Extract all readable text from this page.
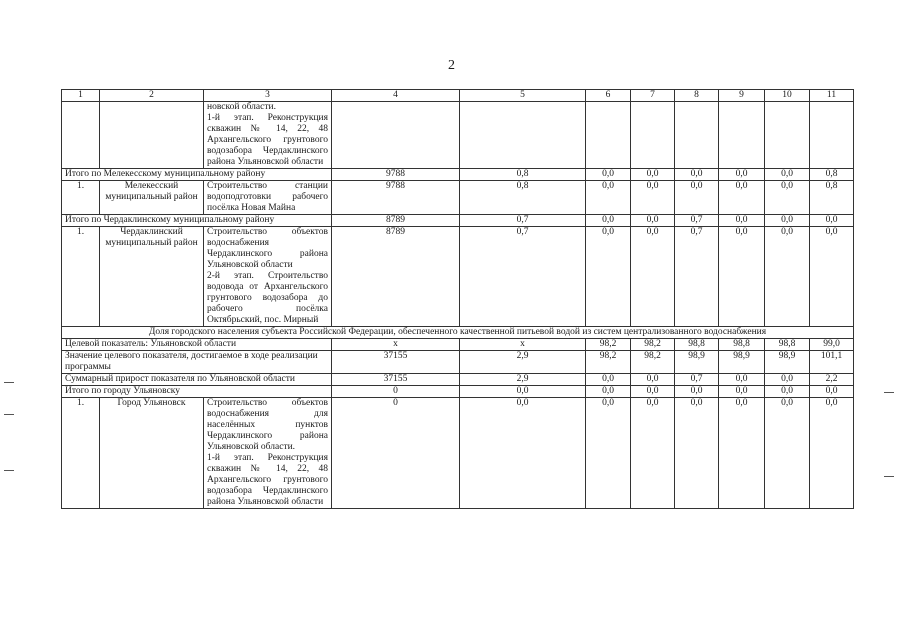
2
1	2	3	4	5	6	7	8	9	10	11
		новской области.
1-й этап. Реконструкция скважин № 14, 22, 48 Архангельского грунтового водозабора Чердаклинского района Ульяновской области								
Итого по Мелекесскому муниципальному району			9788	0,8	0,0	0,0	0,0	0,0	0,0	0,8
1.	Мелекесский муниципальный район	Строительство станции водоподготовки рабочего посёлка Новая Майна	9788	0,8	0,0	0,0	0,0	0,0	0,0	0,8
Итого по Чердаклинскому муниципальному району			8789	0,7	0,0	0,0	0,7	0,0	0,0	0,0
1.	Чердаклинский муниципальный район	Строительство объектов водоснабжения Чердаклинского района Ульяновской области
2-й этап. Строительство водовода от Архангельского грунтового водозабора до рабочего посёлка Октябрьский, пос. Мирный	8789	0,7	0,0	0,0	0,7	0,0	0,0	0,0
Доля городского населения субъекта Российской Федерации, обеспеченного качественной питьевой водой из систем централизованного водоснабжения										
Целевой показатель: Ульяновской области			х	х	98,2	98,2	98,8	98,8	98,8	99,0
Значение целевого показателя, достигаемое в ходе реализации программы			37155	2,9	98,2	98,2	98,9	98,9	98,9	101,1
Суммарный прирост показателя по Ульяновской области			37155	2,9	0,0	0,0	0,7	0,0	0,0	2,2
Итого по городу Ульяновску			0	0,0	0,0	0,0	0,0	0,0	0,0	0,0
1.	Город Ульяновск	Строительство объектов водоснабжения для населённых пунктов Чердаклинского района Ульяновской области.
1-й этап. Реконструкция скважин № 14, 22, 48 Архангельского грунтового водозабора Чердаклинского района Ульяновской области	0	0,0	0,0	0,0	0,0	0,0	0,0	0,0
